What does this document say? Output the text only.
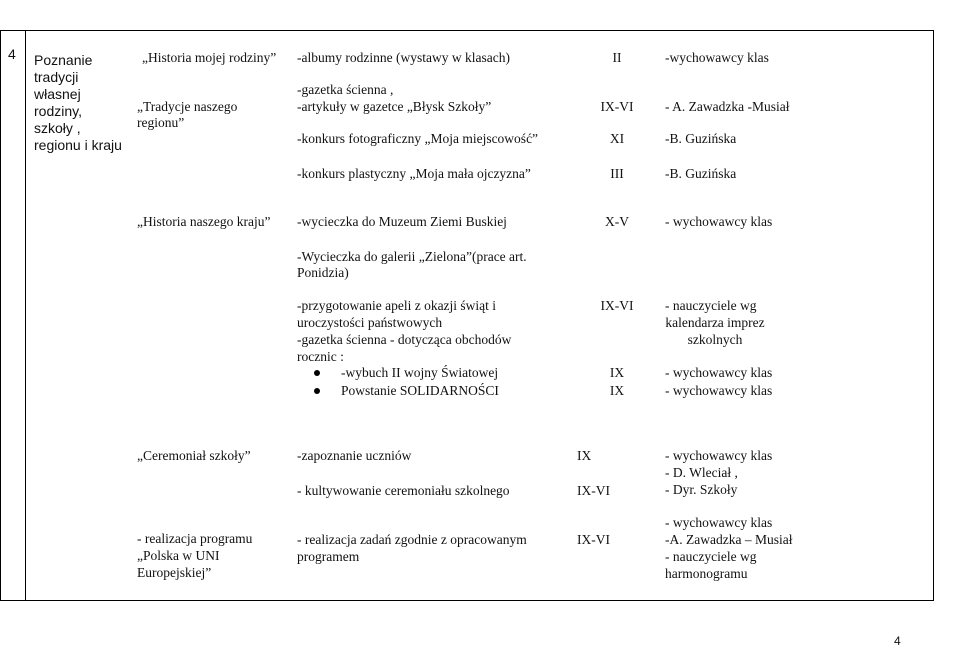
4 Poznanie
tradycji
własnej
rodziny,
szkoły ,
regionu i kraju
„Historia mojej rodziny”
„Tradycje naszego
regionu”
-albumy rodzinne (wystawy w klasach)
-gazetka ścienna ,
-artykuły w gazetce „Błysk Szkoły”
-konkurs fotograficzny „Moja miejscowość”
-konkurs plastyczny „Moja mała ojczyzna”
II
IX-VI
XI
III
-wychowawcy klas
- A. Zawadzka -Musiał
-B. Guzińska
-B. Guzińska
„Historia naszego kraju” -wycieczka do Muzeum Ziemi Buskiej
-Wycieczka do galerii „Zielona”(prace art.
Ponidzia)
-przygotowanie apeli z okazji świąt i
uroczystości państwowych
-gazetka ścienna - dotycząca obchodów
rocznic :
-wybuch II wojny Światowej
Powstanie SOLIDARNOŚCI
X-V
IX-VI
IX
IX
- wychowawcy klas
- nauczyciele wg
kalendarza imprez
szkolnych
- wychowawcy klas
- wychowawcy klas
„Ceremoniał szkoły”
- realizacja programu
„Polska w UNI
Europejskiej”
-zapoznanie uczniów
- kultywowanie ceremoniału szkolnego
- realizacja zadań zgodnie z opracowanym
programem
IX
IX-VI
IX-VI
- wychowawcy klas
- D. Wleciał ,
- Dyr. Szkoły
- wychowawcy klas
-A. Zawadzka – Musiał
- nauczyciele wg
harmonogramu
4
